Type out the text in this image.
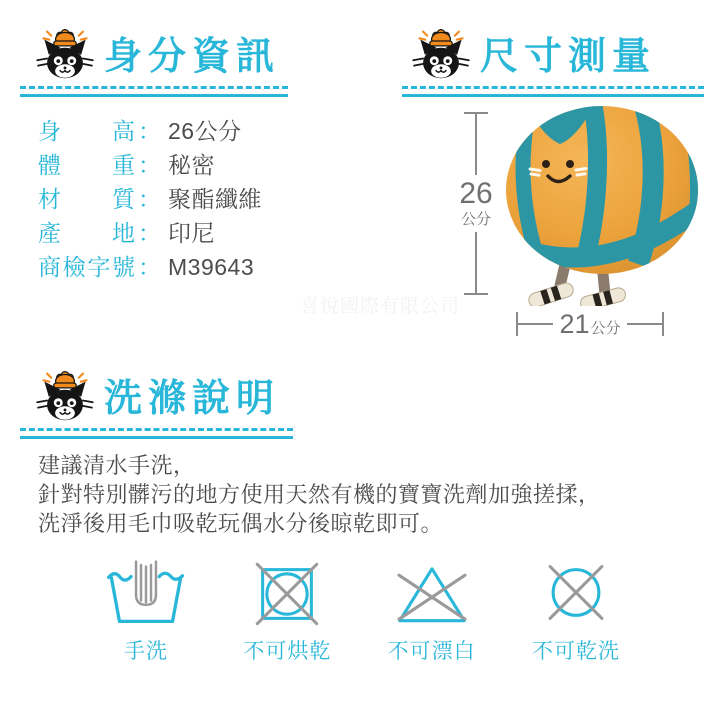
身分資訊
身 高 ： 26公分
體 重 ： 秘密
材 質 ： 聚酯纖維
產 地 ： 印尼
商 檢 字 號 ： M39643
尺寸測量
26
公分
21 公分
喜悅國際有限公司
洗滌說明

建議清水手洗，

針對特別髒污的地方使用天然有機的寶寶洗劑加強搓揉，

洗淨後用毛巾吸乾玩偶水分後晾乾即可。

手洗	不可烘乾	不可漂白	不可乾洗
